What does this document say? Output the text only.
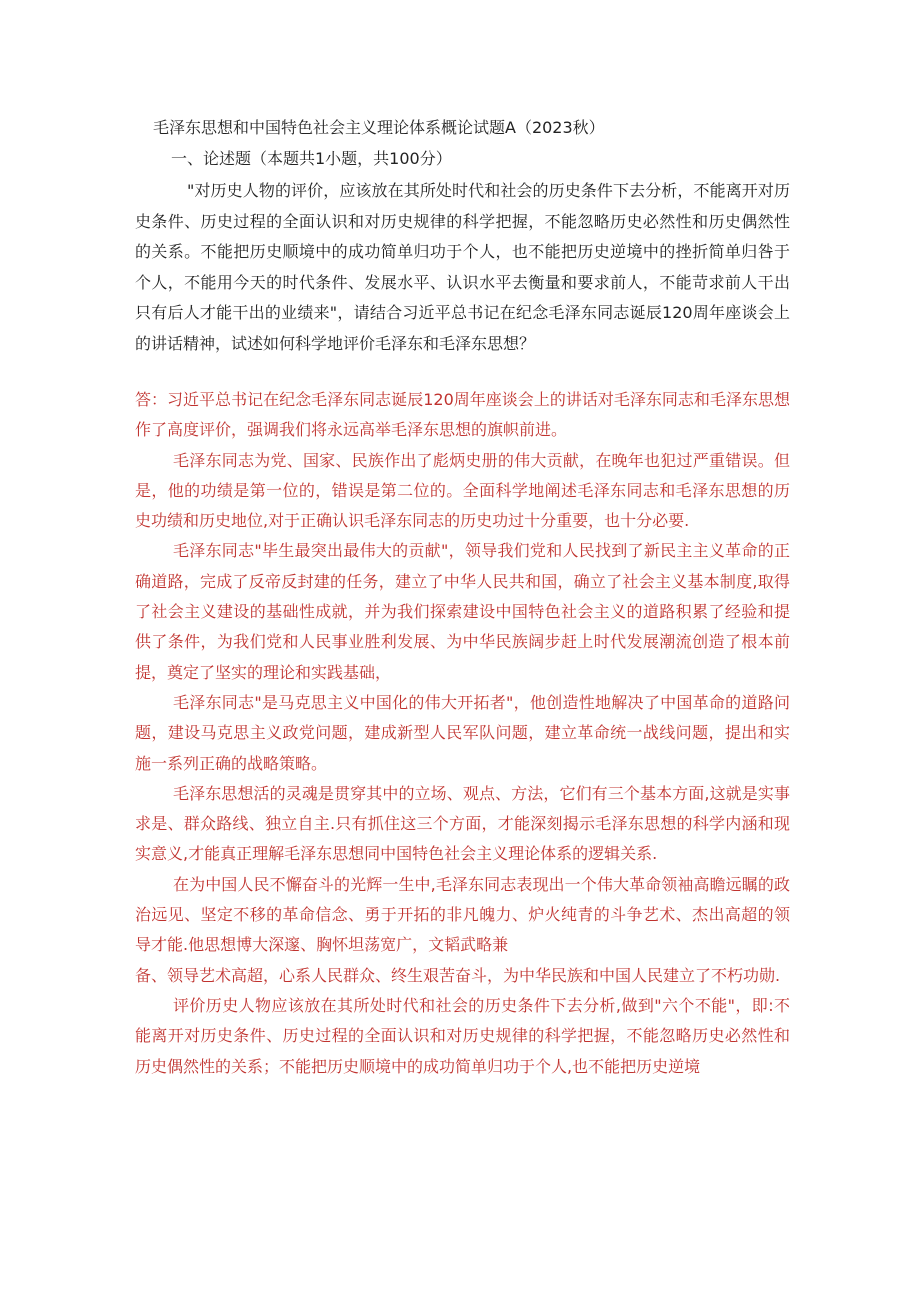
毛泽东思想和中国特色社会主义理论体系概论试题A（2023秋）
一、论述题（本题共1小题，共100分）

"对历史人物的评价，应该放在其所处时代和社会的历史条件下去分析，不能离开对历史条件、历史过程的全面认识和对历史规律的科学把握，不能忽略历史必然性和历史偶然性的关系。不能把历史顺境中的成功简单归功于个人，也不能把历史逆境中的挫折简单归咎于个人，不能用今天的时代条件、发展水平、认识水平去衡量和要求前人，不能苛求前人干出只有后人才能干出的业绩来"，请结合习近平总书记在纪念毛泽东同志诞辰120周年座谈会上的讲话精神，试述如何科学地评价毛泽东和毛泽东思想？

答：习近平总书记在纪念毛泽东同志诞辰120周年座谈会上的讲话对毛泽东同志和毛泽东思想作了高度评价，强调我们将永远高举毛泽东思想的旗帜前进。

毛泽东同志为党、国家、民族作出了彪炳史册的伟大贡献，在晚年也犯过严重错误。但是，他的功绩是第一位的，错误是第二位的。全面科学地阐述毛泽东同志和毛泽东思想的历史功绩和历史地位,对于正确认识毛泽东同志的历史功过十分重要，也十分必要.

毛泽东同志"毕生最突出最伟大的贡献"，领导我们党和人民找到了新民主主义革命的正确道路，完成了反帝反封建的任务，建立了中华人民共和国，确立了社会主义基本制度,取得了社会主义建设的基础性成就，并为我们探索建设中国特色社会主义的道路积累了经验和提供了条件，为我们党和人民事业胜利发展、为中华民族阔步赶上时代发展潮流创造了根本前提，奠定了坚实的理论和实践基础，

毛泽东同志"是马克思主义中国化的伟大开拓者"，他创造性地解决了中国革命的道路问题，建设马克思主义政党问题，建成新型人民军队问题，建立革命统一战线问题，提出和实施一系列正确的战略策略。

毛泽东思想活的灵魂是贯穿其中的立场、观点、方法，它们有三个基本方面,这就是实事求是、群众路线、独立自主.只有抓住这三个方面，才能深刻揭示毛泽东思想的科学内涵和现实意义,才能真正理解毛泽东思想同中国特色社会主义理论体系的逻辑关系.

在为中国人民不懈奋斗的光辉一生中,毛泽东同志表现出一个伟大革命领袖高瞻远瞩的政治远见、坚定不移的革命信念、勇于开拓的非凡魄力、炉火纯青的斗争艺术、杰出高超的领导才能.他思想博大深邃、胸怀坦荡宽广，文韬武略兼

备、领导艺术高超，心系人民群众、终生艰苦奋斗，为中华民族和中国人民建立了不朽功勋.

评价历史人物应该放在其所处时代和社会的历史条件下去分析,做到"六个不能"，即:不能离开对历史条件、历史过程的全面认识和对历史规律的科学把握，不能忽略历史必然性和历史偶然性的关系；不能把历史顺境中的成功简单归功于个人,也不能把历史逆境
